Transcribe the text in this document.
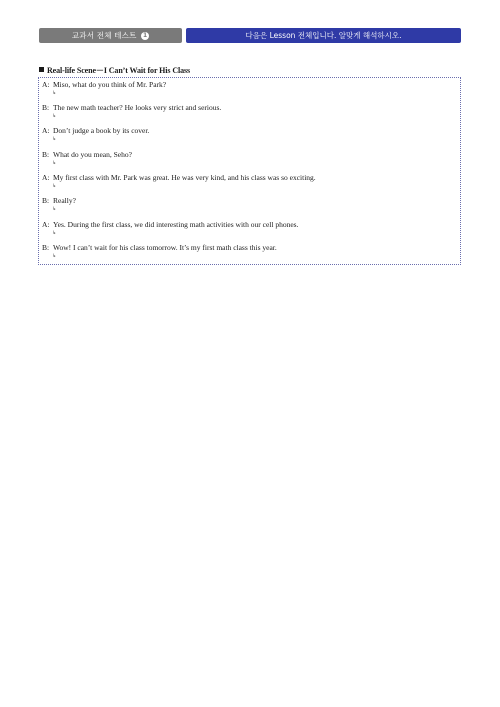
교과서 전체 테스트 1	다음은 Lesson 전체입니다. 알맞게 해석하시오.
Real-life Scene－I Can’t Wait for His Class
A: Miso, what do you think of Mr. Park?
↳
B: The new math teacher? He looks very strict and serious.
↳
A: Don’t judge a book by its cover.
↳
B: What do you mean, Seho?
↳
A: My first class with Mr. Park was great. He was very kind, and his class was so exciting.
↳
B: Really?
↳
A: Yes. During the first class, we did interesting math activities with our cell phones.
↳
B: Wow! I can’t wait for his class tomorrow. It’s my first math class this year.
↳
